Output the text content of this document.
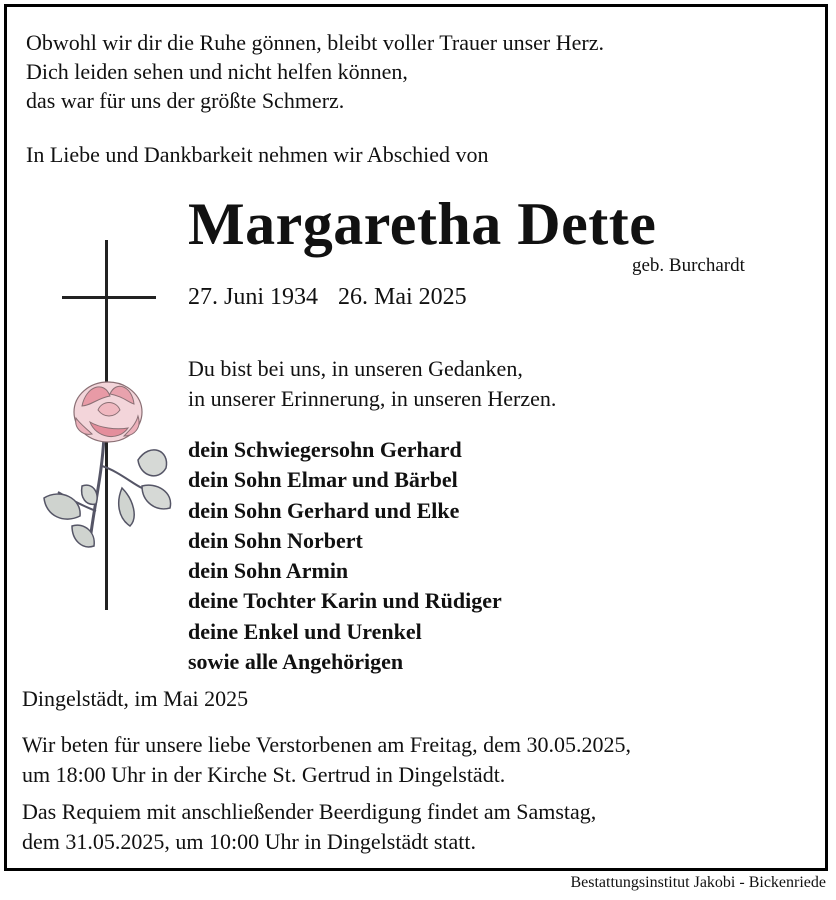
Obwohl wir dir die Ruhe gönnen, bleibt voller Trauer unser Herz.
Dich leiden sehen und nicht helfen können,
das war für uns der größte Schmerz.
In Liebe und Dankbarkeit nehmen wir Abschied von
Margaretha Dette
geb. Burchardt
27. Juni 1934 26. Mai 2025
Du bist bei uns, in unseren Gedanken,
in unserer Erinnerung, in unseren Herzen.
dein Schwiegersohn Gerhard
dein Sohn Elmar und Bärbel
dein Sohn Gerhard und Elke
dein Sohn Norbert
dein Sohn Armin
deine Tochter Karin und Rüdiger
deine Enkel und Urenkel
sowie alle Angehörigen
Dingelstädt, im Mai 2025
Wir beten für unsere liebe Verstorbenen am Freitag, dem 30.05.2025,
um 18:00 Uhr in der Kirche St. Gertrud in Dingelstädt.
Das Requiem mit anschließender Beerdigung findet am Samstag,
dem 31.05.2025, um 10:00 Uhr in Dingelstädt statt.
Bestattungsinstitut Jakobi - Bickenriede
